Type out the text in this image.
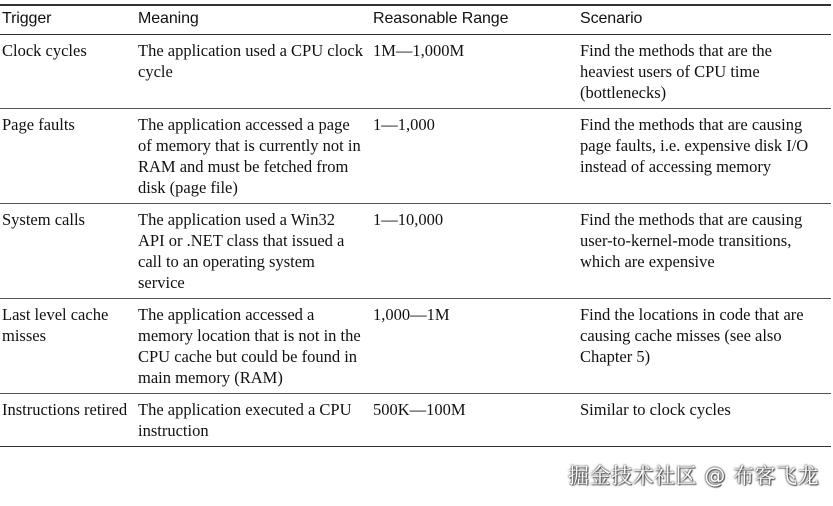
Trigger	Meaning	Reasonable Range	Scenario
Clock cycles	The application used a CPU clock cycle	1M—1,000M	Find the methods that are the heaviest users of CPU time (bottlenecks)
Page faults	The application accessed a page of memory that is currently not in RAM and must be fetched from disk (page file)	1—1,000	Find the methods that are causing page faults, i.e. expensive disk I/O instead of accessing memory
System calls	The application used a Win32 API or .NET class that issued a call to an operating system service	1—10,000	Find the methods that are causing user-to-kernel-mode transitions, which are expensive
Last level cache misses	The application accessed a memory location that is not in the CPU cache but could be found in main memory (RAM)	1,000—1M	Find the locations in code that are causing cache misses (see also Chapter 5)
Instructions retired	The application executed a CPU instruction	500K—100M	Similar to clock cycles
掘金技术社区 @ 布客飞龙
